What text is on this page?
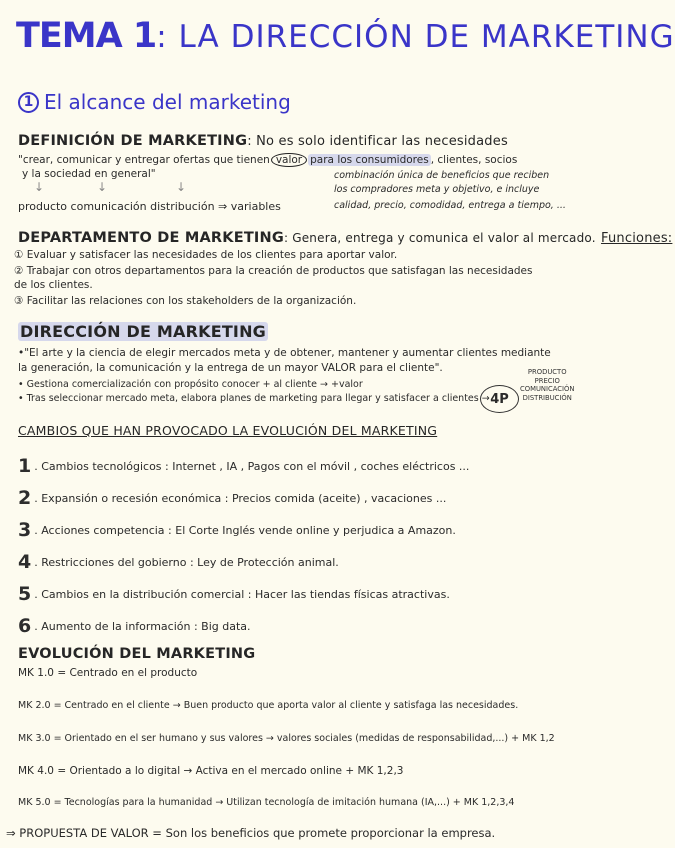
TEMA 1: LA DIRECCIÓN DE MARKETING
1 El alcance del marketing
DEFINICIÓN DE MARKETING: No es solo identificar las necesidades
"crear, comunicar y entregar ofertas que tienen valor para los consumidores , clientes, socios
y la sociedad en general"	combinación única de beneficios que reciben
los compradores meta y objetivo, e incluye
calidad, precio, comodidad, entrega a tiempo, ...
↓	↓	↓
producto comunicación distribución ⇒ variables
DEPARTAMENTO DE MARKETING: Genera, entrega y comunica el valor al mercado. Funciones:
① Evaluar y satisfacer las necesidades de los clientes para aportar valor.
② Trabajar con otros departamentos para la creación de productos que satisfagan las necesidades
de los clientes.
③ Facilitar las relaciones con los stakeholders de la organización.
DIRECCIÓN DE MARKETING
•"El arte y la ciencia de elegir mercados meta y de obtener, mantener y aumentar clientes mediante
la generación, la comunicación y la entrega de un mayor VALOR para el cliente".
• Gestiona comercialización con propósito conocer + al cliente → +valor
• Tras seleccionar mercado meta, elabora planes de marketing para llegar y satisfacer a clientes → 4P
PRODUCTO
PRECIO
COMUNICACIÓN
DISTRIBUCIÓN
CAMBIOS QUE HAN PROVOCADO LA EVOLUCIÓN DEL MARKETING
1 . Cambios tecnológicos : Internet , IA , Pagos con el móvil , coches eléctricos ...
2 . Expansión o recesión económica : Precios comida (aceite) , vacaciones ...
3 . Acciones competencia : El Corte Inglés vende online y perjudica a Amazon.
4 . Restricciones del gobierno : Ley de Protección animal.
5 . Cambios en la distribución comercial : Hacer las tiendas físicas atractivas.
6 . Aumento de la información : Big data.
EVOLUCIÓN DEL MARKETING
MK 1.0 = Centrado en el producto
MK 2.0 = Centrado en el cliente → Buen producto que aporta valor al cliente y satisfaga las necesidades.
MK 3.0 = Orientado en el ser humano y sus valores → valores sociales (medidas de responsabilidad,...) + MK 1,2
MK 4.0 = Orientado a lo digital → Activa en el mercado online + MK 1,2,3
MK 5.0 = Tecnologías para la humanidad → Utilizan tecnología de imitación humana (IA,...) + MK 1,2,3,4
⇒ PROPUESTA DE VALOR = Son los beneficios que promete proporcionar la empresa.
